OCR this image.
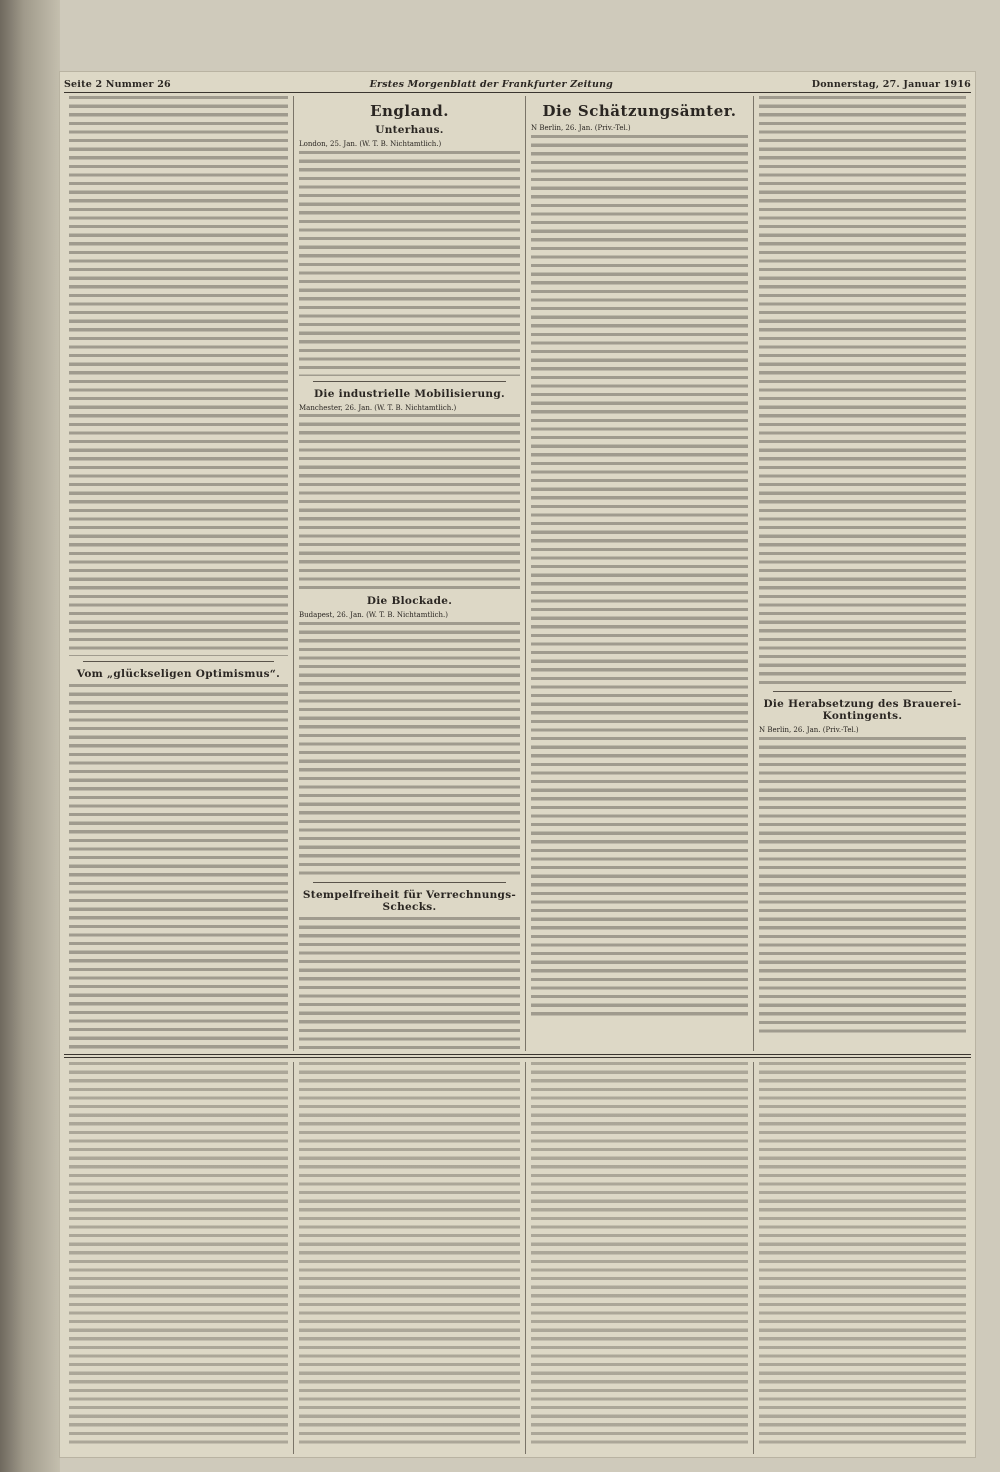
Seite 2 Nummer 26	Erstes Morgenblatt der Frankfurter Zeitung	Donnerstag, 27. Januar 1916
Vom „glückseligen Optimismus“.
England.
Unterhaus.

London, 25. Jan. (W. T. B. Nichtamtlich.)

Die industrielle Mobilisierung.

Manchester, 26. Jan. (W. T. B. Nichtamtlich.)

Die Blockade.

Budapest, 26. Jan. (W. T. B. Nichtamtlich.)

Stempelfreiheit für Verrechnungs-Schecks.
Die Schätzungsämter.

N Berlin, 26. Jan. (Priv.-Tel.)

Die Herabsetzung des Brauerei-Kontingents.

N Berlin, 26. Jan. (Priv.-Tel.)
